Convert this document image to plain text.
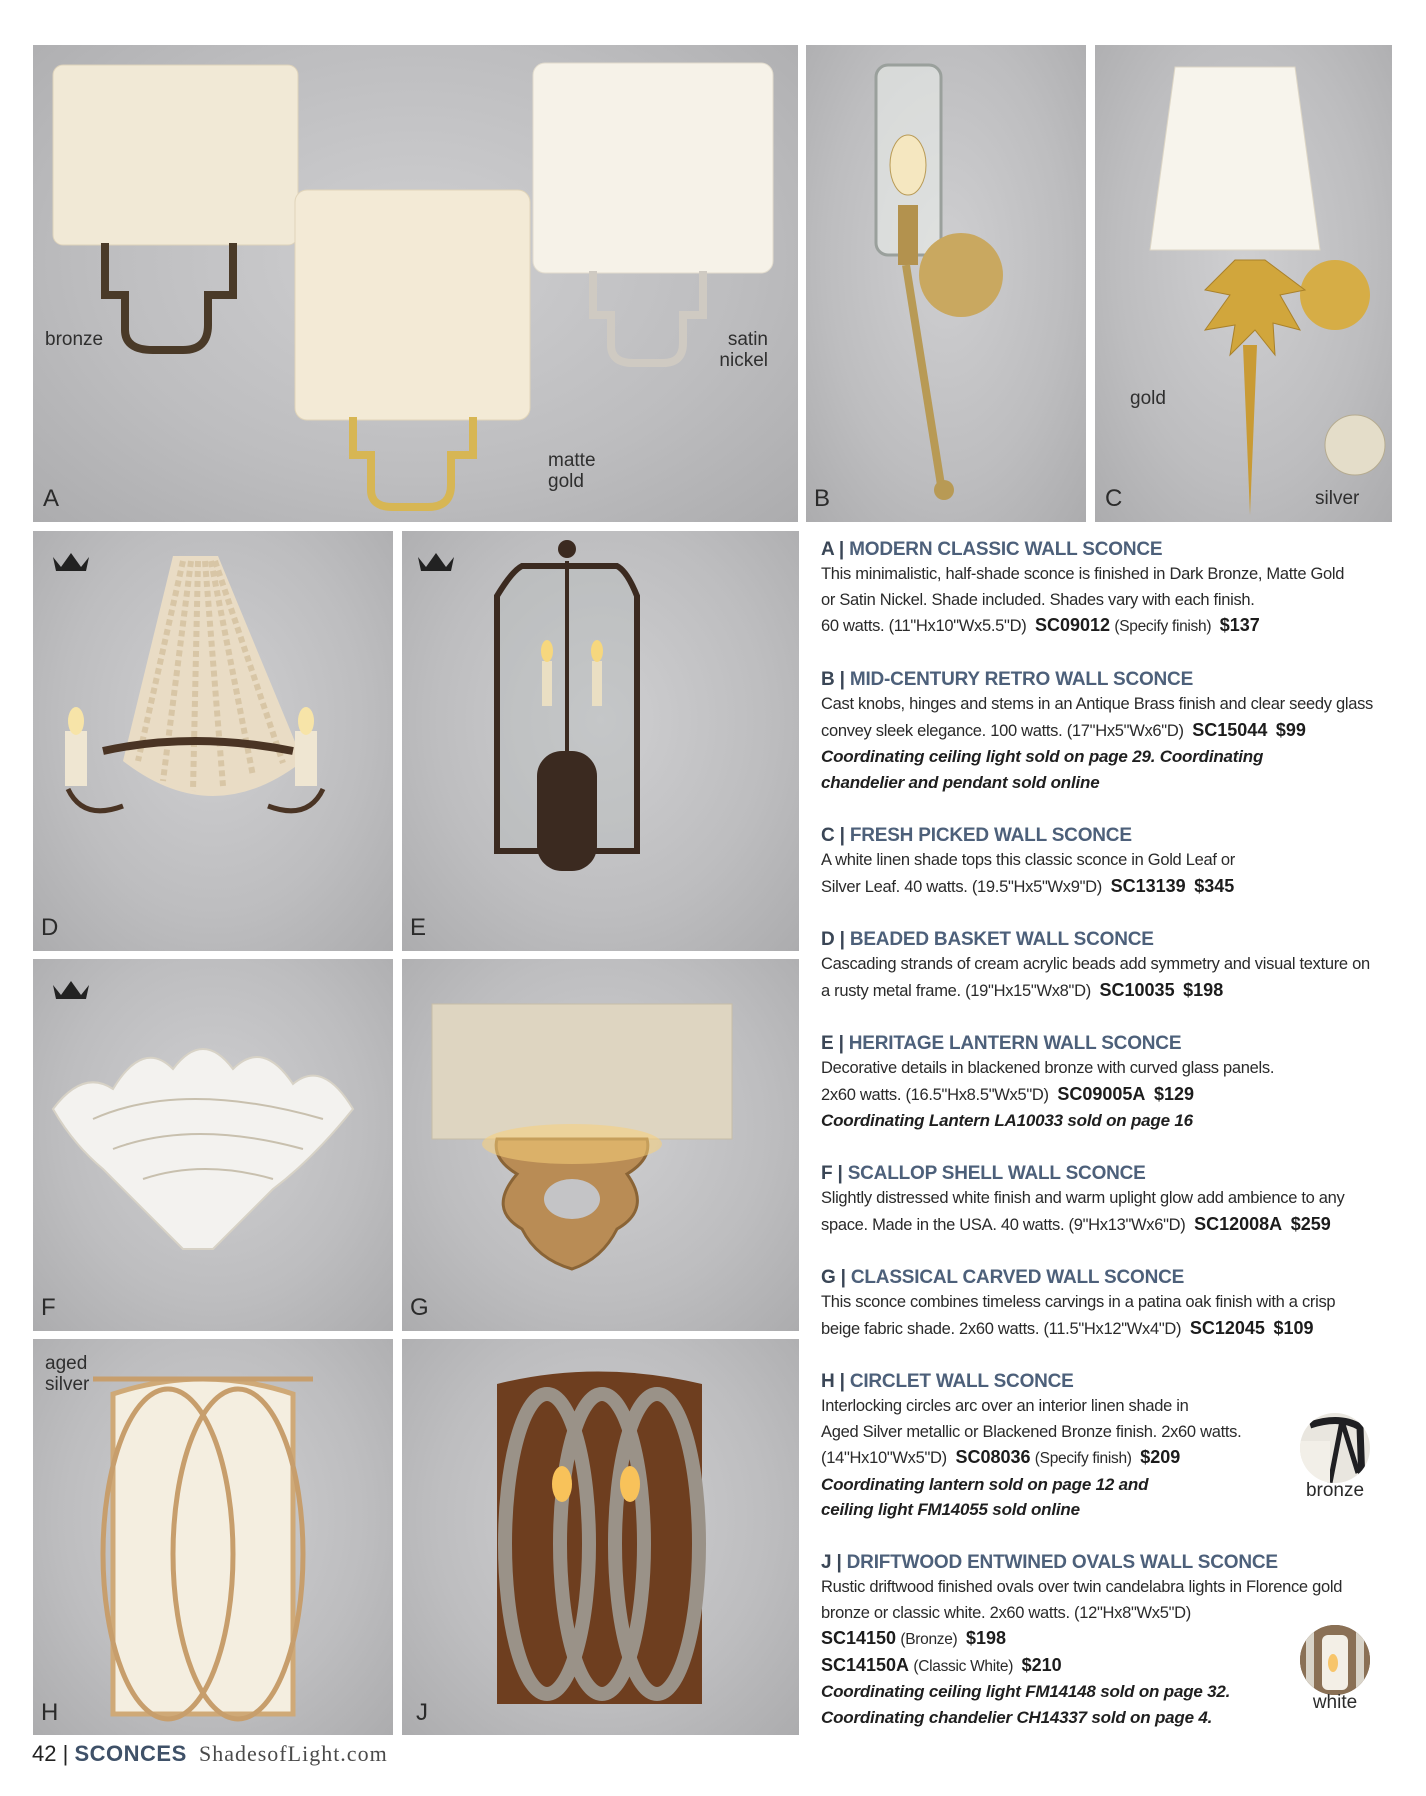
bronze	satin nickel
matte gold
A	B
gold
silver
C
D	E
F	G
aged silver
H	J
A | MODERN CLASSIC WALL SCONCE
This minimalistic, half-shade sconce is finished in Dark Bronze, Matte Gold
or Satin Nickel. Shade included. Shades vary with each finish.
60 watts. (11"Hx10"Wx5.5"D) SC09012 (Specify finish) $137
B | MID-CENTURY RETRO WALL SCONCE
Cast knobs, hinges and stems in an Antique Brass finish and clear seedy glass
convey sleek elegance. 100 watts. (17"Hx5"Wx6"D) SC15044 $99
Coordinating ceiling light sold on page 29. Coordinating
chandelier and pendant sold online
C | FRESH PICKED WALL SCONCE
A white linen shade tops this classic sconce in Gold Leaf or
Silver Leaf. 40 watts. (19.5"Hx5"Wx9"D) SC13139 $345
D | BEADED BASKET WALL SCONCE
Cascading strands of cream acrylic beads add symmetry and visual texture on
a rusty metal frame. (19"Hx15"Wx8"D) SC10035 $198
E | HERITAGE LANTERN WALL SCONCE
Decorative details in blackened bronze with curved glass panels.
2x60 watts. (16.5"Hx8.5"Wx5"D) SC09005A $129
Coordinating Lantern LA10033 sold on page 16
F | SCALLOP SHELL WALL SCONCE
Slightly distressed white finish and warm uplight glow add ambience to any
space. Made in the USA. 40 watts. (9"Hx13"Wx6"D) SC12008A $259
G | CLASSICAL CARVED WALL SCONCE
This sconce combines timeless carvings in a patina oak finish with a crisp
beige fabric shade. 2x60 watts. (11.5"Hx12"Wx4"D) SC12045 $109
H | CIRCLET WALL SCONCE
Interlocking circles arc over an interior linen shade in
Aged Silver metallic or Blackened Bronze finish. 2x60 watts.
(14"Hx10"Wx5"D) SC08036 (Specify finish) $209
Coordinating lantern sold on page 12 and
ceiling light FM14055 sold online
bronze
J | DRIFTWOOD ENTWINED OVALS WALL SCONCE
Rustic driftwood finished ovals over twin candelabra lights in Florence gold
bronze or classic white. 2x60 watts. (12"Hx8"Wx5"D)
SC14150 (Bronze) $198
SC14150A (Classic White) $210
Coordinating ceiling light FM14148 sold on page 32.
Coordinating chandelier CH14337 sold on page 4.
white
42 | SCONCES ShadesofLight.com
